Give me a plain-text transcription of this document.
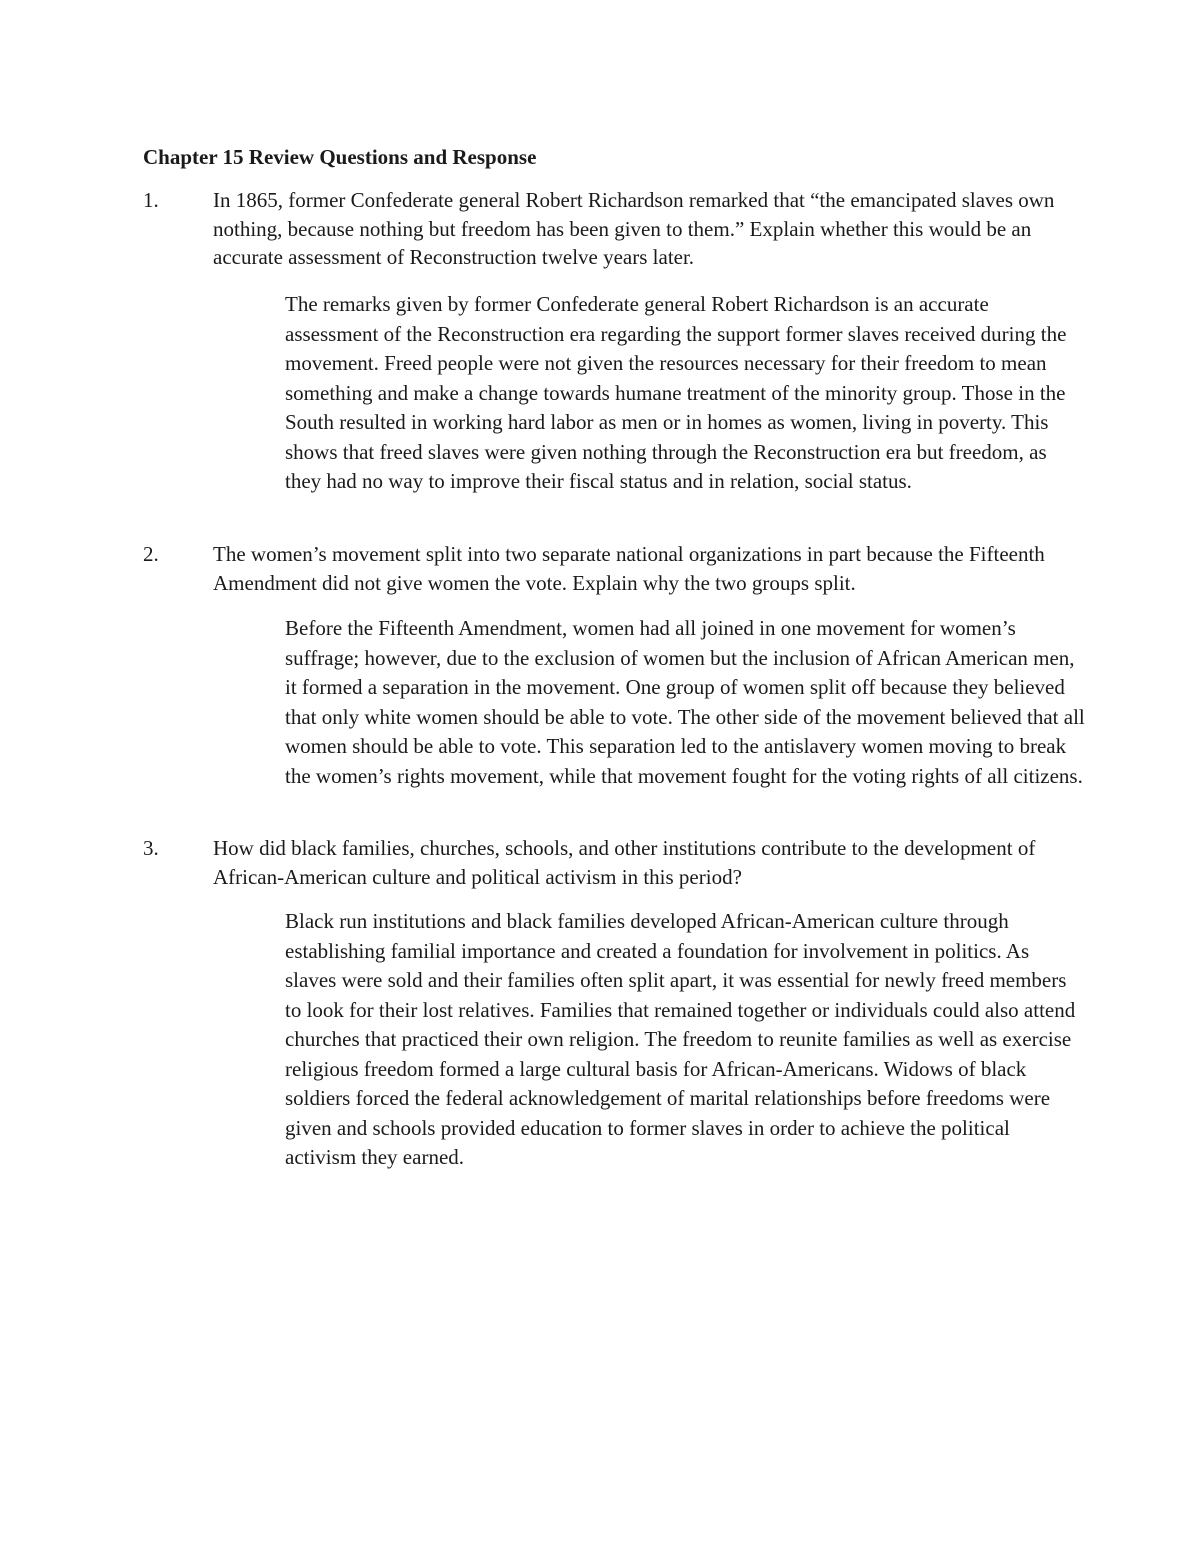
Chapter 15 Review Questions and Response
1.	In 1865, former Confederate general Robert Richardson remarked that “the emancipated slaves own nothing, because nothing but freedom has been given to them.” Explain whether this would be an accurate assessment of Reconstruction twelve years later.

The remarks given by former Confederate general Robert Richardson is an accurate assessment of the Reconstruction era regarding the support former slaves received during the movement. Freed people were not given the resources necessary for their freedom to mean something and make a change towards humane treatment of the minority group. Those in the South resulted in working hard labor as men or in homes as women, living in poverty. This shows that freed slaves were given nothing through the Reconstruction era but freedom, as they had no way to improve their fiscal status and in relation, social status.

2.	The women’s movement split into two separate national organizations in part because the Fifteenth Amendment did not give women the vote. Explain why the two groups split.

Before the Fifteenth Amendment, women had all joined in one movement for women’s suffrage; however, due to the exclusion of women but the inclusion of African American men, it formed a separation in the movement. One group of women split off because they believed that only white women should be able to vote. The other side of the movement believed that all women should be able to vote. This separation led to the antislavery women moving to break the women’s rights movement, while that movement fought for the voting rights of all citizens.

3.	How did black families, churches, schools, and other institutions contribute to the development of African-American culture and political activism in this period?

Black run institutions and black families developed African-American culture through establishing familial importance and created a foundation for involvement in politics. As slaves were sold and their families often split apart, it was essential for newly freed members to look for their lost relatives. Families that remained together or individuals could also attend churches that practiced their own religion. The freedom to reunite families as well as exercise religious freedom formed a large cultural basis for African-Americans. Widows of black soldiers forced the federal acknowledgement of marital relationships before freedoms were given and schools provided education to former slaves in order to achieve the political activism they earned.
